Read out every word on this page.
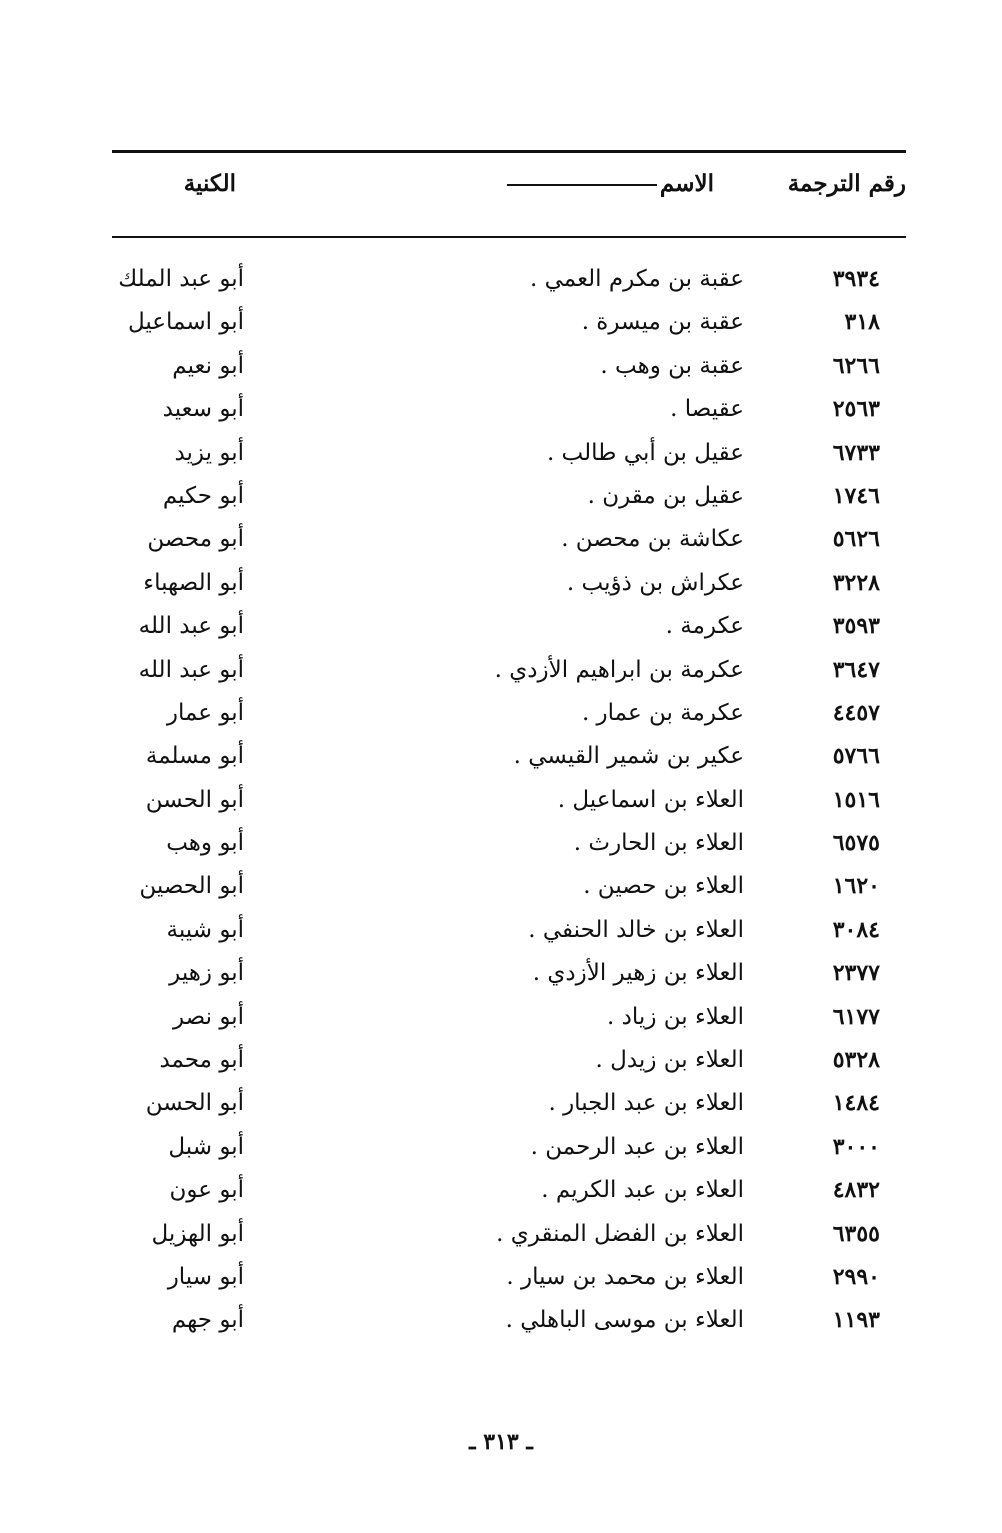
رقم الترجمة
الاسم
الكنية
٣٩٣٤
عقبة بن مكرم العمي .
أبو عبد الملك
٣١٨
عقبة بن ميسرة .
أبو اسماعيل
٦٢٦٦
عقبة بن وهب .
أبو نعيم
٢٥٦٣
عقيصا .
أبو سعيد
٦٧٣٣
عقيل بن أبي طالب .
أبو يزيد
١٧٤٦
عقيل بن مقرن .
أبو حكيم
٥٦٢٦
عكاشة بن محصن .
أبو محصن
٣٢٢٨
عكراش بن ذؤيب .
أبو الصهباء
٣٥٩٣
عكرمة .
أبو عبد الله
٣٦٤٧
عكرمة بن ابراهيم الأزدي .
أبو عبد الله
٤٤٥٧
عكرمة بن عمار .
أبو عمار
٥٧٦٦
عكير بن شمير القيسي .
أبو مسلمة
١٥١٦
العلاء بن اسماعيل .
أبو الحسن
٦٥٧٥
العلاء بن الحارث .
أبو وهب
١٦٢٠
العلاء بن حصين .
أبو الحصين
٣٠٨٤
العلاء بن خالد الحنفي .
أبو شيبة
٢٣٧٧
العلاء بن زهير الأزدي .
أبو زهير
٦١٧٧
العلاء بن زياد .
أبو نصر
٥٣٢٨
العلاء بن زيدل .
أبو محمد
١٤٨٤
العلاء بن عبد الجبار .
أبو الحسن
٣٠٠٠
العلاء بن عبد الرحمن .
أبو شبل
٤٨٣٢
العلاء بن عبد الكريم .
أبو عون
٦٣٥٥
العلاء بن الفضل المنقري .
أبو الهزيل
٢٩٩٠
العلاء بن محمد بن سيار .
أبو سيار
١١٩٣
العلاء بن موسى الباهلي .
أبو جهم
ـ ٣١٣ ـ
